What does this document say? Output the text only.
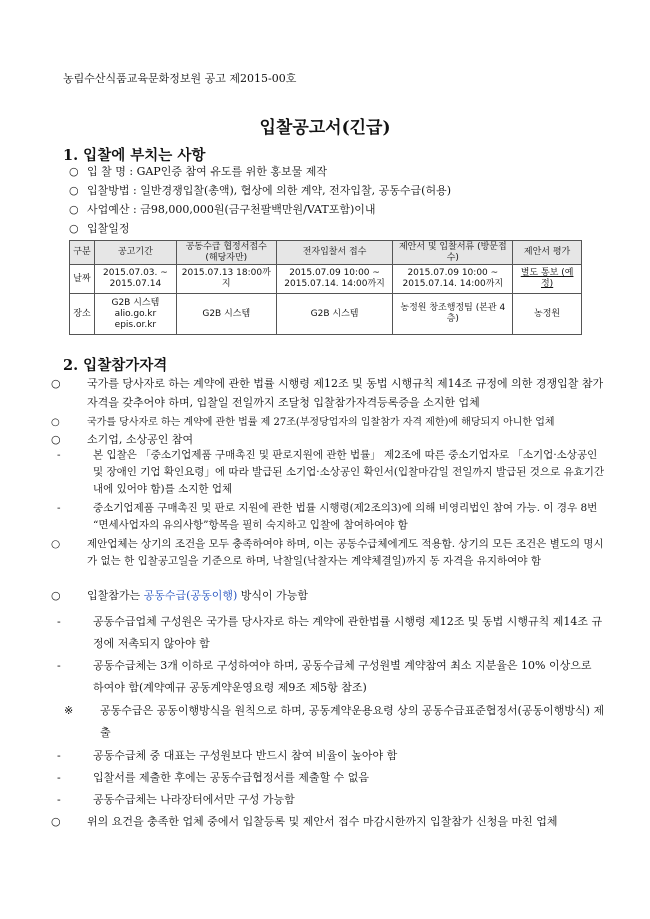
농림수산식품교육문화정보원 공고 제2015-00호
입찰공고서(긴급)
1. 입찰에 부치는 사항
○ 입 찰 명 : GAP인증 참여 유도를 위한 홍보물 제작
○ 입찰방법 : 일반경쟁입찰(총액), 협상에 의한 계약, 전자입찰, 공동수급(허용)
○ 사업예산 : 금98,000,000원(금구천팔백만원/VAT포함)이내
○ 입찰일정
구분	공고기간	공동수급 협정서접수 (해당자만)	전자입찰서 접수	제안서 및 입찰서류 (방문접수)	제안서 평가
날짜	2015.07.03. ~ 2015.07.14	2015.07.13 18:00까지	2015.07.09 10:00 ~ 2015.07.14. 14:00까지	2015.07.09 10:00 ~ 2015.07.14. 14:00까지	별도 통보 (예정)
장소	G2B 시스템 alio.go.kr epis.or.kr	G2B 시스템	G2B 시스템	농정원 창조행정팀 (본관 4층)	농정원
2. 입찰참가자격
○ 국가를 당사자로 하는 계약에 관한 법률 시행령 제12조 및 동법 시행규칙 제14조 규정에 의한 경쟁입찰 참가자격을 갖추어야 하며, 입찰일 전일까지 조달청 입찰참가자격등록증을 소지한 업체
○	국가를 당사자로 하는 계약에 관한 법률 제 27조(부정당업자의 입찰참가 자격 제한)에 해당되지 아니한 업체
○ 소기업, 소상공인 참여
-	본 입찰은 「중소기업제품 구매촉진 및 판로지원에 관한 법률」 제2조에 따른 중소기업자로 「소기업·소상공인 및 장애인 기업 확인요령」에 따라 발급된 소기업·소상공인 확인서(입찰마감일 전일까지 발급된 것으로 유효기간 내에 있어야 함)를 소지한 업체
-	중소기업제품 구매촉진 및 판로 지원에 관한 법률 시행령(제2조의3)에 의해 비영리법인 참여 가능. 이 경우 8번 “면세사업자의 유의사항”항목을 필히 숙지하고 입찰에 참여하여야 함
○	제안업체는 상기의 조건을 모두 충족하여야 하며, 이는 공동수급체에게도 적용함. 상기의 모든 조건은 별도의 명시가 없는 한 입찰공고일을 기준으로 하며, 낙찰일(낙찰자는 계약체결일)까지 동 자격을 유지하여야 함
○ 입찰참가는 공동수급(공동이행) 방식이 가능함
-	공동수급업체 구성원은 국가를 당사자로 하는 계약에 관한법률 시행령 제12조 및 동법 시행규칙 제14조 규정에 저촉되지 않아야 함
-	공동수급체는 3개 이하로 구성하여야 하며, 공동수급체 구성원별 계약참여 최소 지분율은 10% 이상으로 하여야 함(계약예규 공동계약운영요령 제9조 제5항 참조)
※ 공동수급은 공동이행방식을 원칙으로 하며, 공동계약운용요령 상의 공동수급표준협정서(공동이행방식) 제출
-	공동수급체 중 대표는 구성원보다 반드시 참여 비율이 높아야 함
-	입찰서를 제출한 후에는 공동수급협정서를 제출할 수 없음
-	공동수급체는 나라장터에서만 구성 가능함
○ 위의 요건을 충족한 업체 중에서 입찰등록 및 제안서 접수 마감시한까지 입찰참가 신청을 마친 업체
